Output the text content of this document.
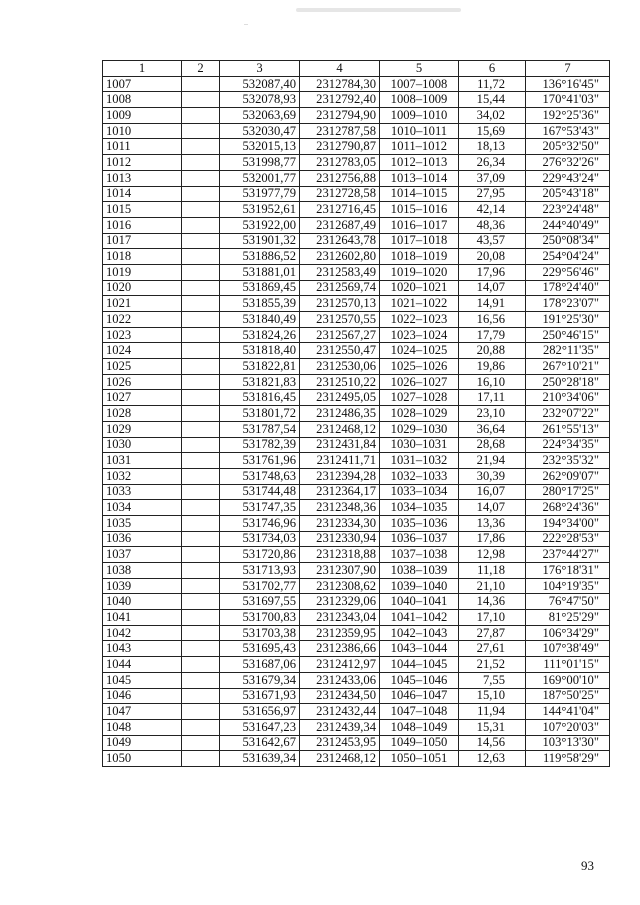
1	2	3	4	5	6	7
1007		532087,40	2312784,30	1007–1008	11,72	136°16'45"
1008		532078,93	2312792,40	1008–1009	15,44	170°41'03"
1009		532063,69	2312794,90	1009–1010	34,02	192°25'36"
1010		532030,47	2312787,58	1010–1011	15,69	167°53'43"
1011		532015,13	2312790,87	1011–1012	18,13	205°32'50"
1012		531998,77	2312783,05	1012–1013	26,34	276°32'26"
1013		532001,77	2312756,88	1013–1014	37,09	229°43'24"
1014		531977,79	2312728,58	1014–1015	27,95	205°43'18"
1015		531952,61	2312716,45	1015–1016	42,14	223°24'48"
1016		531922,00	2312687,49	1016–1017	48,36	244°40'49"
1017		531901,32	2312643,78	1017–1018	43,57	250°08'34"
1018		531886,52	2312602,80	1018–1019	20,08	254°04'24"
1019		531881,01	2312583,49	1019–1020	17,96	229°56'46"
1020		531869,45	2312569,74	1020–1021	14,07	178°24'40"
1021		531855,39	2312570,13	1021–1022	14,91	178°23'07"
1022		531840,49	2312570,55	1022–1023	16,56	191°25'30"
1023		531824,26	2312567,27	1023–1024	17,79	250°46'15"
1024		531818,40	2312550,47	1024–1025	20,88	282°11'35"
1025		531822,81	2312530,06	1025–1026	19,86	267°10'21"
1026		531821,83	2312510,22	1026–1027	16,10	250°28'18"
1027		531816,45	2312495,05	1027–1028	17,11	210°34'06"
1028		531801,72	2312486,35	1028–1029	23,10	232°07'22"
1029		531787,54	2312468,12	1029–1030	36,64	261°55'13"
1030		531782,39	2312431,84	1030–1031	28,68	224°34'35"
1031		531761,96	2312411,71	1031–1032	21,94	232°35'32"
1032		531748,63	2312394,28	1032–1033	30,39	262°09'07"
1033		531744,48	2312364,17	1033–1034	16,07	280°17'25"
1034		531747,35	2312348,36	1034–1035	14,07	268°24'36"
1035		531746,96	2312334,30	1035–1036	13,36	194°34'00"
1036		531734,03	2312330,94	1036–1037	17,86	222°28'53"
1037		531720,86	2312318,88	1037–1038	12,98	237°44'27"
1038		531713,93	2312307,90	1038–1039	11,18	176°18'31"
1039		531702,77	2312308,62	1039–1040	21,10	104°19'35"
1040		531697,55	2312329,06	1040–1041	14,36	76°47'50"
1041		531700,83	2312343,04	1041–1042	17,10	81°25'29"
1042		531703,38	2312359,95	1042–1043	27,87	106°34'29"
1043		531695,43	2312386,66	1043–1044	27,61	107°38'49"
1044		531687,06	2312412,97	1044–1045	21,52	111°01'15"
1045		531679,34	2312433,06	1045–1046	7,55	169°00'10"
1046		531671,93	2312434,50	1046–1047	15,10	187°50'25"
1047		531656,97	2312432,44	1047–1048	11,94	144°41'04"
1048		531647,23	2312439,34	1048–1049	15,31	107°20'03"
1049		531642,67	2312453,95	1049–1050	14,56	103°13'30"
1050		531639,34	2312468,12	1050–1051	12,63	119°58'29"
93
